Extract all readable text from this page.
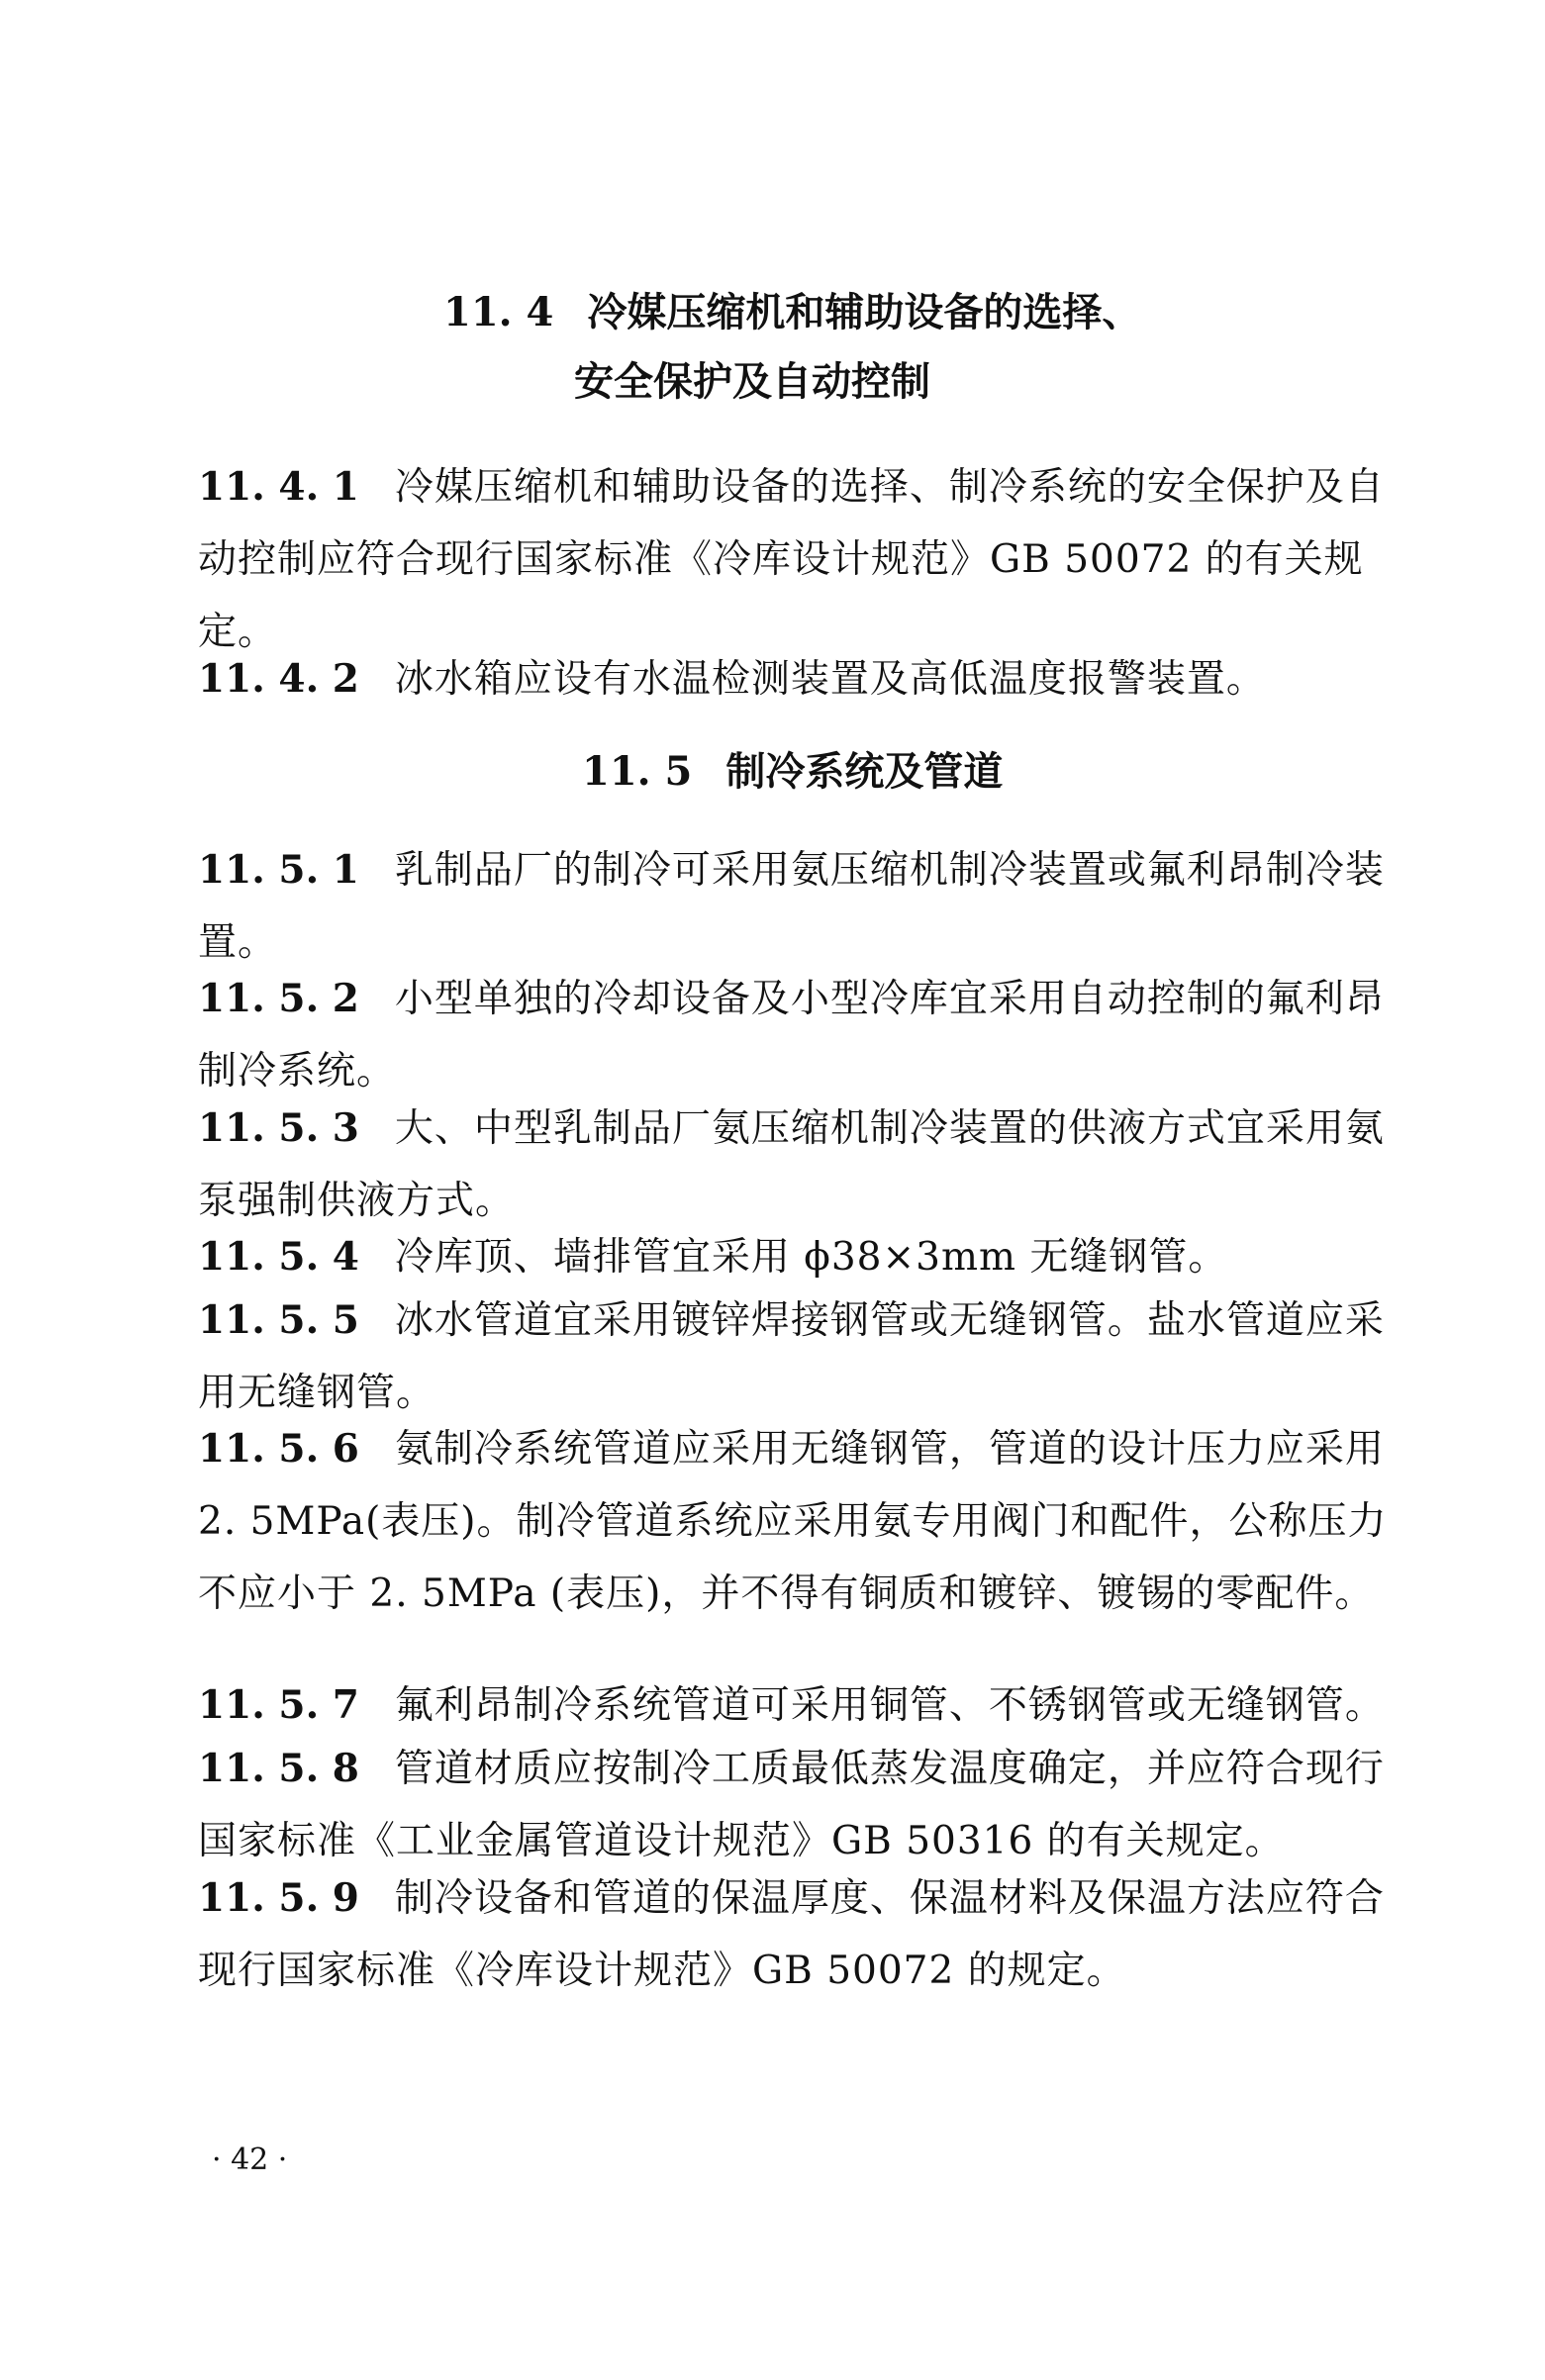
11. 4 冷媒压缩机和辅助设备的选择、
安全保护及自动控制
11. 4. 1 冷媒压缩机和辅助设备的选择、制冷系统的安全保护及自动控制应符合现行国家标准《冷库设计规范》GB 50072 的有关规定。
11. 4. 2 冰水箱应设有水温检测装置及高低温度报警装置。
11. 5 制冷系统及管道
11. 5. 1 乳制品厂的制冷可采用氨压缩机制冷装置或氟利昂制冷装置。
11. 5. 2 小型单独的冷却设备及小型冷库宜采用自动控制的氟利昂制冷系统。
11. 5. 3 大、中型乳制品厂氨压缩机制冷装置的供液方式宜采用氨泵强制供液方式。
11. 5. 4 冷库顶、墙排管宜采用 ϕ38×3mm 无缝钢管。
11. 5. 5 冰水管道宜采用镀锌焊接钢管或无缝钢管。盐水管道应采用无缝钢管。
11. 5. 6 氨制冷系统管道应采用无缝钢管，管道的设计压力应采用 2. 5MPa(表压)。制冷管道系统应采用氨专用阀门和配件，公称压力不应小于 2. 5MPa (表压)，并不得有铜质和镀锌、镀锡的零配件。
11. 5. 7 氟利昂制冷系统管道可采用铜管、不锈钢管或无缝钢管。
11. 5. 8 管道材质应按制冷工质最低蒸发温度确定，并应符合现行国家标准《工业金属管道设计规范》GB 50316 的有关规定。
11. 5. 9 制冷设备和管道的保温厚度、保温材料及保温方法应符合现行国家标准《冷库设计规范》GB 50072 的规定。
· 42 ·
